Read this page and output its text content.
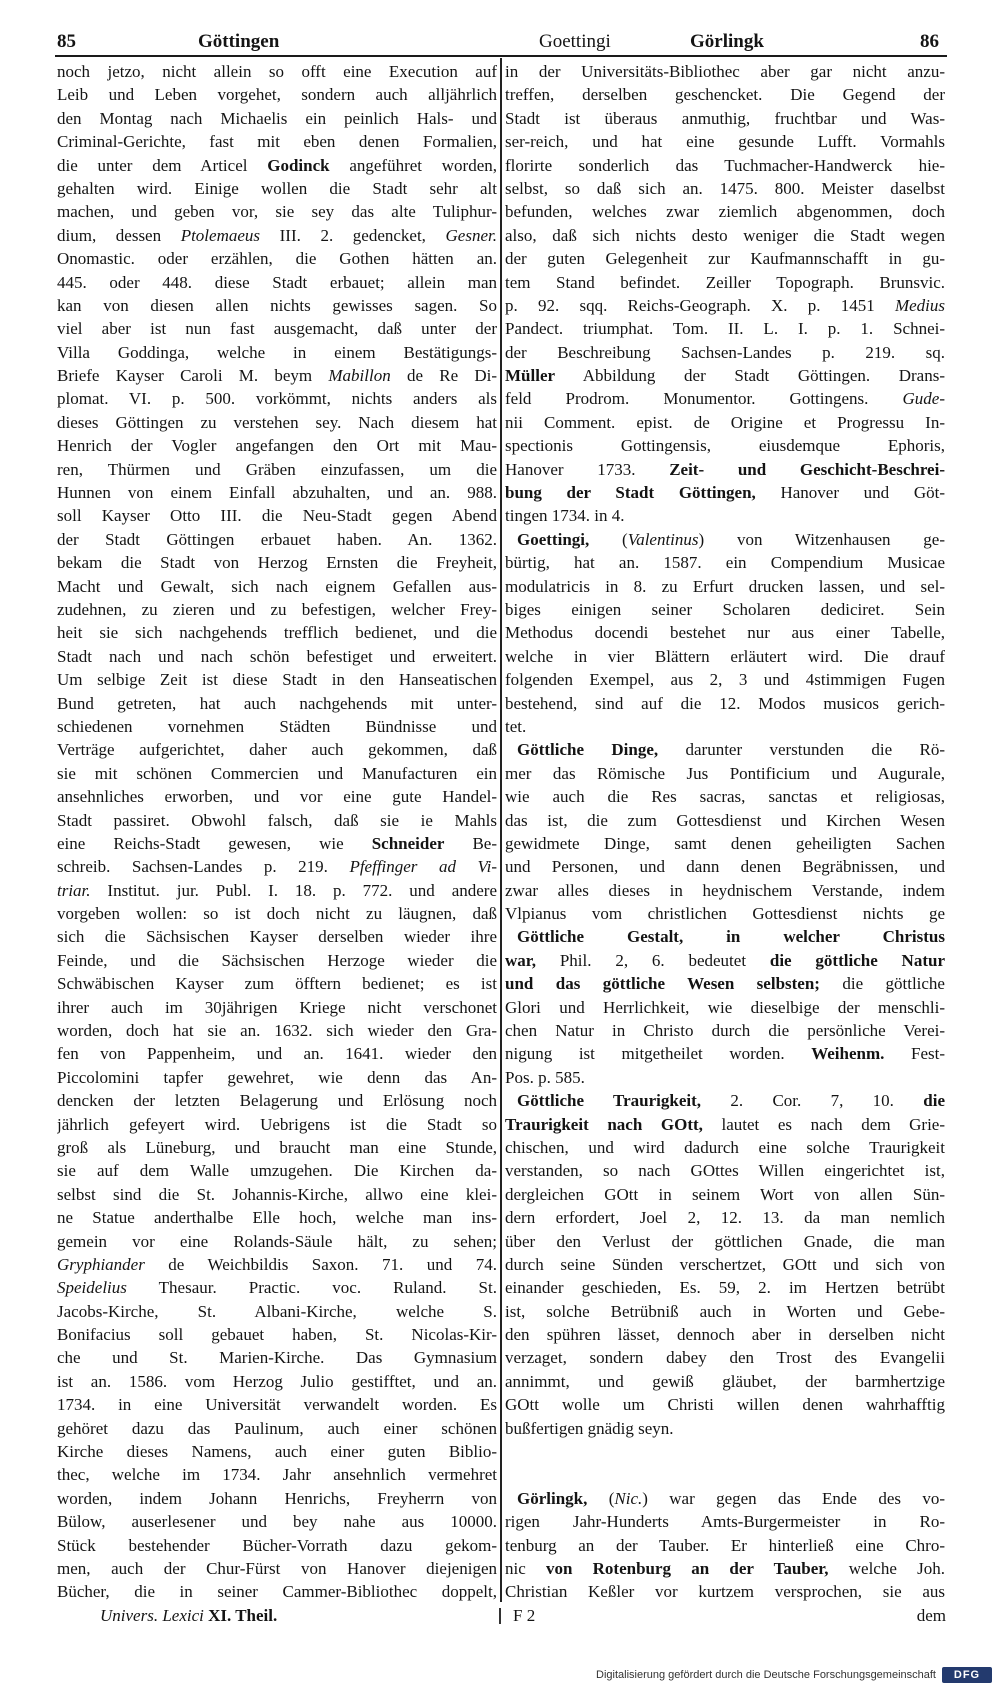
85	Göttingen	Goettingi	Görlingk	86
noch jetzo, nicht allein so offt eine Execution auf
Leib und Leben vorgehet, sondern auch alljährlich
den Montag nach Michaelis ein peinlich Hals- und
Criminal-Gerichte, fast mit eben denen Formalien,
die unter dem Articel Godinck angeführet worden,
gehalten wird. Einige wollen die Stadt sehr alt
machen, und geben vor, sie sey das alte Tuliphur-
dium, dessen Ptolemaeus III. 2. gedencket, Gesner.
Onomastic. oder erzählen, die Gothen hätten an.
445. oder 448. diese Stadt erbauet; allein man
kan von diesen allen nichts gewisses sagen. So
viel aber ist nun fast ausgemacht, daß unter der
Villa Goddinga, welche in einem Bestätigungs-
Briefe Kayser Caroli M. beym Mabillon de Re Di-
plomat. VI. p. 500. vorkömmt, nichts anders als
dieses Göttingen zu verstehen sey. Nach diesem hat
Henrich der Vogler angefangen den Ort mit Mau-
ren, Thürmen und Gräben einzufassen, um die
Hunnen von einem Einfall abzuhalten, und an. 988.
soll Kayser Otto III. die Neu-Stadt gegen Abend
der Stadt Göttingen erbauet haben. An. 1362.
bekam die Stadt von Herzog Ernsten die Freyheit,
Macht und Gewalt, sich nach eignem Gefallen aus-
zudehnen, zu zieren und zu befestigen, welcher Frey-
heit sie sich nachgehends trefflich bedienet, und die
Stadt nach und nach schön befestiget und erweitert.
Um selbige Zeit ist diese Stadt in den Hanseatischen
Bund getreten, hat auch nachgehends mit unter-
schiedenen vornehmen Städten Bündnisse und
Verträge aufgerichtet, daher auch gekommen, daß
sie mit schönen Commercien und Manufacturen ein
ansehnliches erworben, und vor eine gute Handel-
Stadt passiret. Obwohl falsch, daß sie ie Mahls
eine Reichs-Stadt gewesen, wie Schneider Be-
schreib. Sachsen-Landes p. 219. Pfeffinger ad Vi-
triar. Institut. jur. Publ. I. 18. p. 772. und andere
vorgeben wollen: so ist doch nicht zu läugnen, daß
sich die Sächsischen Kayser derselben wieder ihre
Feinde, und die Sächsischen Herzoge wieder die
Schwäbischen Kayser zum öfftern bedienet; es ist
ihrer auch im 30jährigen Kriege nicht verschonet
worden, doch hat sie an. 1632. sich wieder den Gra-
fen von Pappenheim, und an. 1641. wieder den
Piccolomini tapfer gewehret, wie denn das An-
dencken der letzten Belagerung und Erlösung noch
jährlich gefeyert wird. Uebrigens ist die Stadt so
groß als Lüneburg, und braucht man eine Stunde,
sie auf dem Walle umzugehen. Die Kirchen da-
selbst sind die St. Johannis-Kirche, allwo eine klei-
ne Statue anderthalbe Elle hoch, welche man ins-
gemein vor eine Rolands-Säule hält, zu sehen;
Gryphiander de Weichbildis Saxon. 71. und 74.
Speidelius Thesaur. Practic. voc. Ruland. St.
Jacobs-Kirche, St. Albani-Kirche, welche S.
Bonifacius soll gebauet haben, St. Nicolas-Kir-
che und St. Marien-Kirche. Das Gymnasium
ist an. 1586. vom Herzog Julio gestifftet, und an.
1734. in eine Universität verwandelt worden. Es
gehöret dazu das Paulinum, auch einer schönen
Kirche dieses Namens, auch einer guten Biblio-
thec, welche im 1734. Jahr ansehnlich vermehret
worden, indem Johann Henrichs, Freyherrn von
Bülow, auserlesener und bey nahe aus 10000.
Stück bestehender Bücher-Vorrath dazu gekom-
men, auch der Chur-Fürst von Hanover diejenigen
Bücher, die in seiner Cammer-Bibliothec doppelt,
in der Universitäts-Bibliothec aber gar nicht anzu-
treffen, derselben geschencket. Die Gegend der
Stadt ist überaus anmuthig, fruchtbar und Was-
ser-reich, und hat eine gesunde Lufft. Vormahls
florirte sonderlich das Tuchmacher-Handwerck hie-
selbst, so daß sich an. 1475. 800. Meister daselbst
befunden, welches zwar ziemlich abgenommen, doch
also, daß sich nichts desto weniger die Stadt wegen
der guten Gelegenheit zur Kaufmannschafft in gu-
tem Stand befindet. Zeiller Topograph. Brunsvic.
p. 92. sqq. Reichs-Geograph. X. p. 1451 Medius
Pandect. triumphat. Tom. II. L. I. p. 1. Schnei-
der Beschreibung Sachsen-Landes p. 219. sq.
Müller Abbildung der Stadt Göttingen. Drans-
feld Prodrom. Monumentor. Gottingens. Gude-
nii Comment. epist. de Origine et Progressu In-
spectionis Gottingensis, eiusdemque Ephoris,
Hanover 1733. Zeit- und Geschicht-Beschrei-
bung der Stadt Göttingen, Hanover und Göt-
tingen 1734. in 4.
Goettingi, (Valentinus) von Witzenhausen ge-
bürtig, hat an. 1587. ein Compendium Musicae
modulatricis in 8. zu Erfurt drucken lassen, und sel-
biges einigen seiner Scholaren dediciret. Sein
Methodus docendi bestehet nur aus einer Tabelle,
welche in vier Blättern erläutert wird. Die drauf
folgenden Exempel, aus 2, 3 und 4stimmigen Fugen
bestehend, sind auf die 12. Modos musicos gerich-
tet.
Göttliche Dinge, darunter verstunden die Rö-
mer das Römische Jus Pontificium und Augurale,
wie auch die Res sacras, sanctas et religiosas,
das ist, die zum Gottesdienst und Kirchen Wesen
gewidmete Dinge, samt denen geheiligten Sachen
und Personen, und dann denen Begräbnissen, und
zwar alles dieses in heydnischem Verstande, indem
Vlpianus vom christlichen Gottesdienst nichts ge
Göttliche Gestalt, in welcher Christus
war, Phil. 2, 6. bedeutet die göttliche Natur
und das göttliche Wesen selbsten; die göttliche
Glori und Herrlichkeit, wie dieselbige der menschli-
chen Natur in Christo durch die persönliche Verei-
nigung ist mitgetheilet worden. Weihenm. Fest-
Pos. p. 585.
Göttliche Traurigkeit, 2. Cor. 7, 10. die
Traurigkeit nach GOtt, lautet es nach dem Grie-
chischen, und wird dadurch eine solche Traurigkeit
verstanden, so nach GOttes Willen eingerichtet ist,
dergleichen GOtt in seinem Wort von allen Sün-
dern erfordert, Joel 2, 12. 13. da man nemlich
über den Verlust der göttlichen Gnade, die man
durch seine Sünden verschertzet, GOtt und sich von
einander geschieden, Es. 59, 2. im Hertzen betrübt
ist, solche Betrübniß auch in Worten und Gebe-
den spühren lässet, dennoch aber in derselben nicht
verzaget, sondern dabey den Trost des Evangelii
annimmt, und gewiß gläubet, der barmhertzige
GOtt wolle um Christi willen denen wahrhafftig
bußfertigen gnädig seyn.
Görlingk, (Nic.) war gegen das Ende des vo-
rigen Jahr-Hunderts Amts-Burgermeister in Ro-
tenburg an der Tauber. Er hinterließ eine Chro-
nic von Rotenburg an der Tauber, welche Joh.
Christian Keßler vor kurtzem versprochen, sie aus
Univers. Lexici XI. Theil.	F 2	dem
Digitalisierung gefördert durch die Deutsche Forschungsgemeinschaft	DFG
